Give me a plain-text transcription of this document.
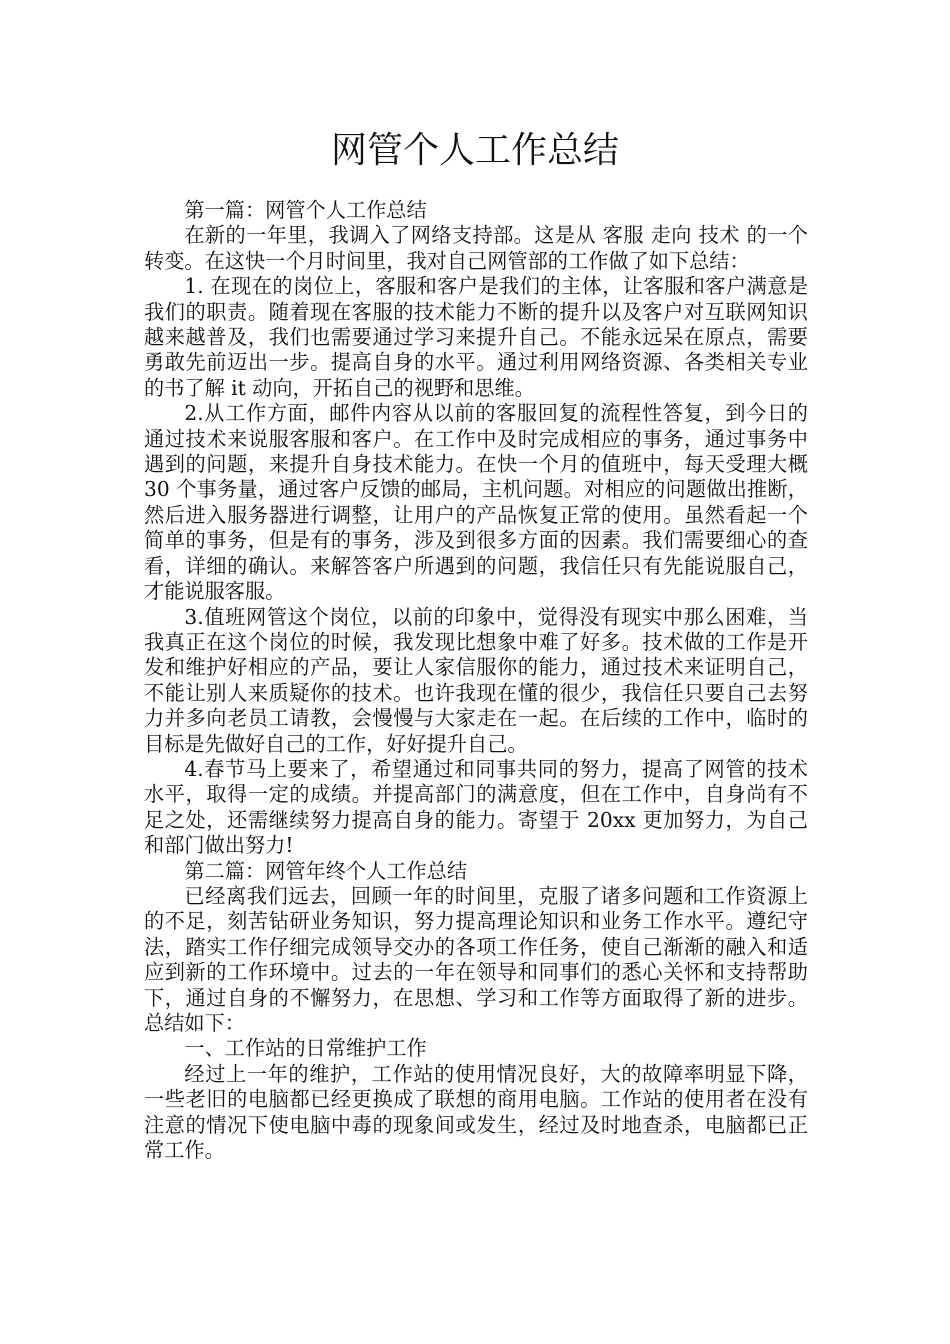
网管个人工作总结

第一篇：网管个人工作总结

在新的一年里，我调入了网络支持部。这是从 客服 走向 技术 的一个转变。在这快一个月时间里，我对自己网管部的工作做了如下总结：

1. 在现在的岗位上，客服和客户是我们的主体，让客服和客户满意是我们的职责。随着现在客服的技术能力不断的提升以及客户对互联网知识越来越普及，我们也需要通过学习来提升自己。不能永远呆在原点，需要勇敢先前迈出一步。提高自身的水平。通过利用网络资源、各类相关专业的书了解 it 动向，开拓自己的视野和思维。

2.从工作方面，邮件内容从以前的客服回复的流程性答复，到今日的通过技术来说服客服和客户。在工作中及时完成相应的事务，通过事务中遇到的问题，来提升自身技术能力。在快一个月的值班中，每天受理大概 30 个事务量，通过客户反馈的邮局，主机问题。对相应的问题做出推断，然后进入服务器进行调整，让用户的产品恢复正常的使用。虽然看起一个简单的事务，但是有的事务，涉及到很多方面的因素。我们需要细心的查看，详细的确认。来解答客户所遇到的问题，我信任只有先能说服自己，才能说服客服。

3.值班网管这个岗位，以前的印象中，觉得没有现实中那么困难，当我真正在这个岗位的时候，我发现比想象中难了好多。技术做的工作是开发和维护好相应的产品，要让人家信服你的能力，通过技术来证明自己，不能让别人来质疑你的技术。也许我现在懂的很少，我信任只要自己去努力并多向老员工请教，会慢慢与大家走在一起。在后续的工作中，临时的目标是先做好自己的工作，好好提升自己。

4.春节马上要来了，希望通过和同事共同的努力，提高了网管的技术水平，取得一定的成绩。并提高部门的满意度，但在工作中，自身尚有不足之处，还需继续努力提高自身的能力。寄望于 20xx 更加努力，为自己和部门做出努力!

第二篇：网管年终个人工作总结

已经离我们远去，回顾一年的时间里，克服了诸多问题和工作资源上的不足，刻苦钻研业务知识，努力提高理论知识和业务工作水平。遵纪守法，踏实工作仔细完成领导交办的各项工作任务，使自己渐渐的融入和适应到新的工作环境中。过去的一年在领导和同事们的悉心关怀和支持帮助下，通过自身的不懈努力，在思想、学习和工作等方面取得了新的进步。总结如下：

一、工作站的日常维护工作

经过上一年的维护，工作站的使用情况良好，大的故障率明显下降，一些老旧的电脑都已经更换成了联想的商用电脑。工作站的使用者在没有注意的情况下使电脑中毒的现象间或发生，经过及时地查杀，电脑都已正常工作。
